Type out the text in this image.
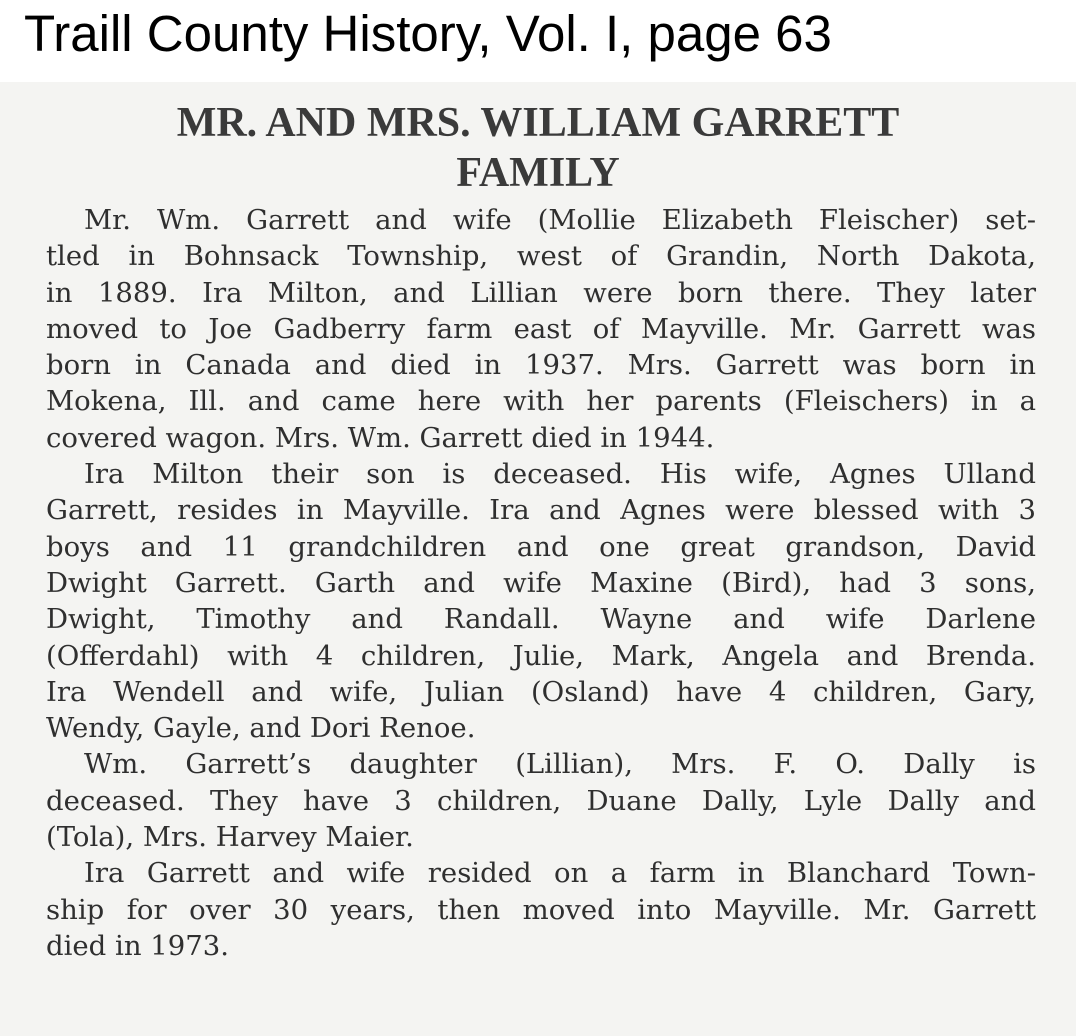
Traill County History, Vol. I, page 63
MR. AND MRS. WILLIAM GARRETT
FAMILY
Mr. Wm. Garrett and wife (Mollie Elizabeth Fleischer) set-
tled in Bohnsack Township, west of Grandin, North Dakota,
in 1889. Ira Milton, and Lillian were born there. They later
moved to Joe Gadberry farm east of Mayville. Mr. Garrett was
born in Canada and died in 1937. Mrs. Garrett was born in
Mokena, Ill. and came here with her parents (Fleischers) in a
covered wagon. Mrs. Wm. Garrett died in 1944.
Ira Milton their son is deceased. His wife, Agnes Ulland
Garrett, resides in Mayville. Ira and Agnes were blessed with 3
boys and 11 grandchildren and one great grandson, David
Dwight Garrett. Garth and wife Maxine (Bird), had 3 sons,
Dwight, Timothy and Randall. Wayne and wife Darlene
(Offerdahl) with 4 children, Julie, Mark, Angela and Brenda.
Ira Wendell and wife, Julian (Osland) have 4 children, Gary,
Wendy, Gayle, and Dori Renoe.
Wm. Garrett’s daughter (Lillian), Mrs. F. O. Dally is
deceased. They have 3 children, Duane Dally, Lyle Dally and
(Tola), Mrs. Harvey Maier.
Ira Garrett and wife resided on a farm in Blanchard Town-
ship for over 30 years, then moved into Mayville. Mr. Garrett
died in 1973.
